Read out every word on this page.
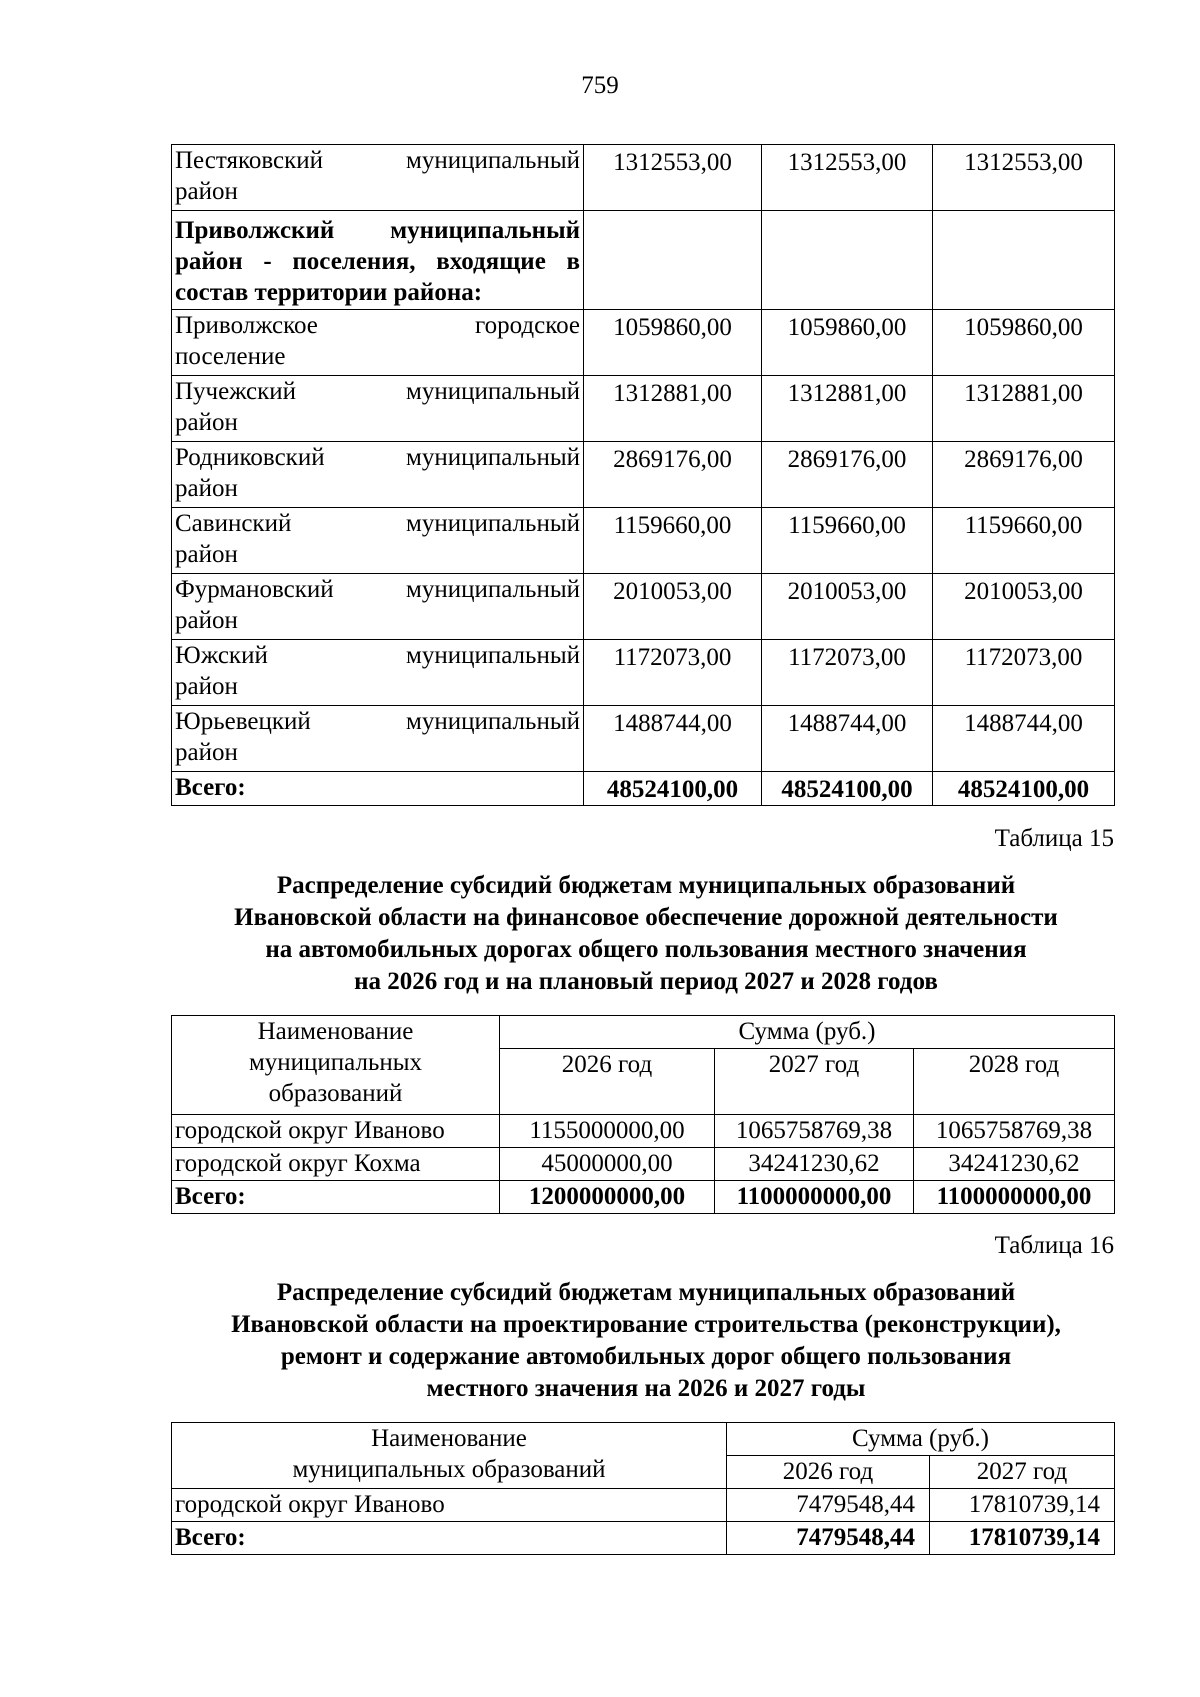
759
Пестяковский муниципальный
район	1312553,00	1312553,00	1312553,00
Приволжский муниципальный район - поселения, входящие в состав территории района:			

Приволжское городское
поселение	1059860,00	1059860,00	1059860,00

Пучежский муниципальный
район	1312881,00	1312881,00	1312881,00

Родниковский муниципальный
район	2869176,00	2869176,00	2869176,00

Савинский муниципальный
район	1159660,00	1159660,00	1159660,00

Фурмановский муниципальный
район	2010053,00	2010053,00	2010053,00

Южский муниципальный
район	1172073,00	1172073,00	1172073,00

Юрьевецкий муниципальный
район	1488744,00	1488744,00	1488744,00
Всего:	48524100,00	48524100,00	48524100,00
Таблица 15
Распределение субсидий бюджетам муниципальных образований
Ивановской области на финансовое обеспечение дорожной деятельности
на автомобильных дорогах общего пользования местного значения
на 2026 год и на плановый период 2027 и 2028 годов
Наименование
муниципальных
образований	Сумма (руб.)		
	2026 год	2027 год	2028 год
городской округ Иваново	1155000000,00	1065758769,38	1065758769,38
городской округ Кохма	45000000,00	34241230,62	34241230,62
Всего:	1200000000,00	1100000000,00	1100000000,00
Таблица 16
Распределение субсидий бюджетам муниципальных образований
Ивановской области на проектирование строительства (реконструкции),
ремонт и содержание автомобильных дорог общего пользования
местного значения на 2026 и 2027 годы
Наименование
муниципальных образований	Сумма (руб.)	
	2026 год	2027 год
городской округ Иваново	7479548,44	17810739,14
Всего:	7479548,44	17810739,14
